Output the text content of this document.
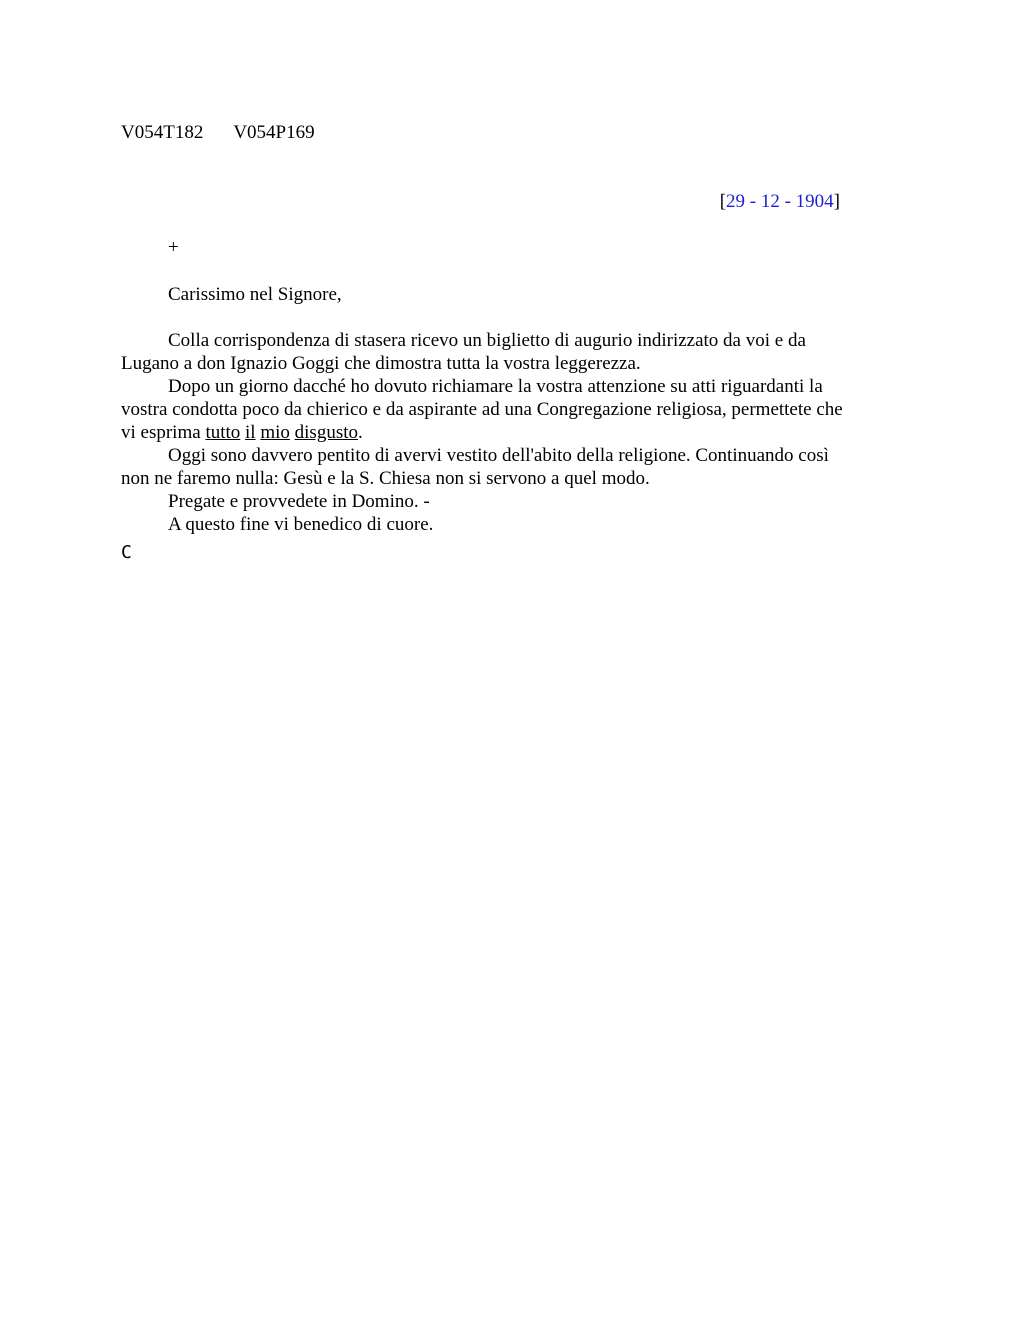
V054T182 V054P169
[29 - 12 - 1904]
+
Carissimo nel Signore,

Colla corrispondenza di stasera ricevo un biglietto di augurio indirizzato da voi e da Lugano a don Ignazio Goggi che dimostra tutta la vostra leggerezza.

Dopo un giorno dacché ho dovuto richiamare la vostra attenzione su atti riguardanti la vostra condotta poco da chierico e da aspirante ad una Congregazione religiosa, permettete che vi esprima tutto il mio disgusto.

Oggi sono davvero pentito di avervi vestito dell'abito della religione. Continuando così non ne faremo nulla: Gesù e la S. Chiesa non si servono a quel modo.

Pregate e provvedete in Domino. -

A questo fine vi benedico di cuore.

C
